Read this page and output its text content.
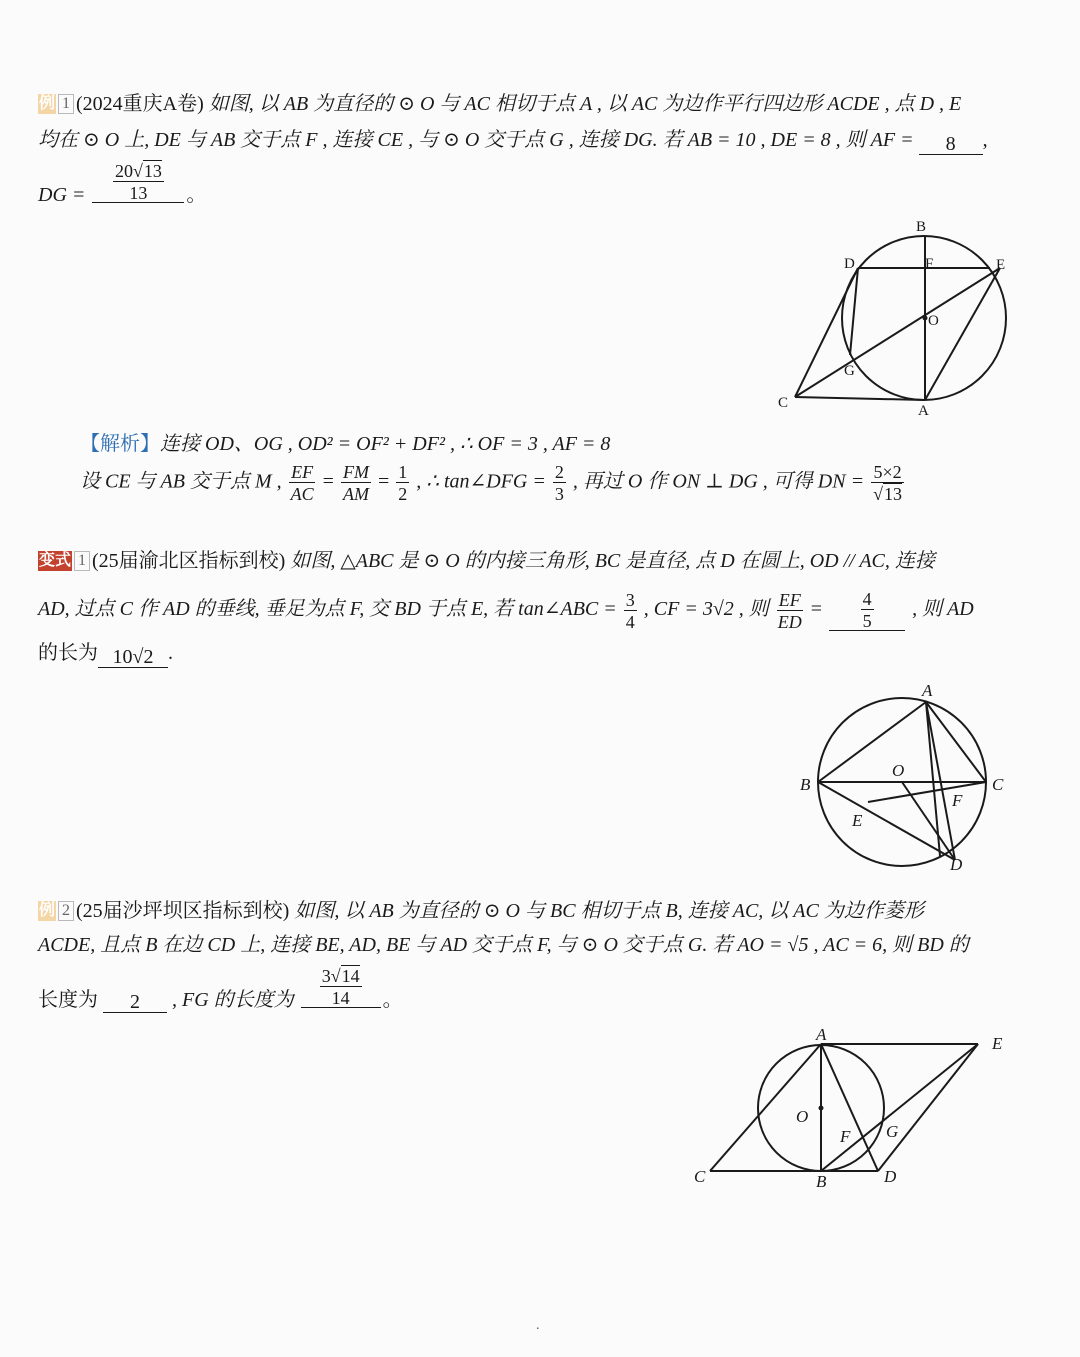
例 1 (2024重庆A卷) 如图, 以 AB 为直径的 ⊙ O 与 AC 相切于点 A , 以 AC 为边作平行四边形 ACDE , 点 D , E
均在 ⊙ O 上, DE 与 AB 交于点 F , 连接 CE , 与 ⊙ O 交于点 G , 连接 DG. 若 AB = 10 , DE = 8 , 则 AF = 8 ,
DG = $\frac{20√13}{13}$ 。
B
D	F	E
O
G
C	A
【解析】连接 OD、OG , OD² = OF² + DF² , ∴ OF = 3 , AF = 8
设 CE 与 AB 交于点 M , $\frac{EF}{AC} = \frac{FM}{AM} = \frac{1}{2}$ , ∴ tan∠DFG = $\frac{2}{3}$ , 再过 O 作 ON ⊥ DG , 可得 DN = $\frac{5\times 2}{√13}$
变式 1 (25届渝北区指标到校) 如图, △ABC 是 ⊙ O 的内接三角形, BC 是直径, 点 D 在圆上, OD // AC, 连接
AD, 过点 C 作 AD 的垂线, 垂足为点 F, 交 BD 于点 E, 若 tan∠ABC = $\frac{3}{4}$ , CF = 3√2 , 则 $\frac{EF}{ED} = \frac{4}{5}$ , 则 AD
的长为 10√2 .
A
B
O
C
F
E
D
例 2 (25届沙坪坝区指标到校) 如图, 以 AB 为直径的 ⊙ O 与 BC 相切于点 B, 连接 AC, 以 AC 为边作菱形
ACDE, 且点 B 在边 CD 上, 连接 BE, AD, BE 与 AD 交于点 F, 与 ⊙ O 交于点 G. 若 AO = √5 , AC = 6, 则 BD 的
长度为 2 , FG 的长度为 $\frac{3√14}{14}$ 。
A	E
O
G
F
C	B	D
.
